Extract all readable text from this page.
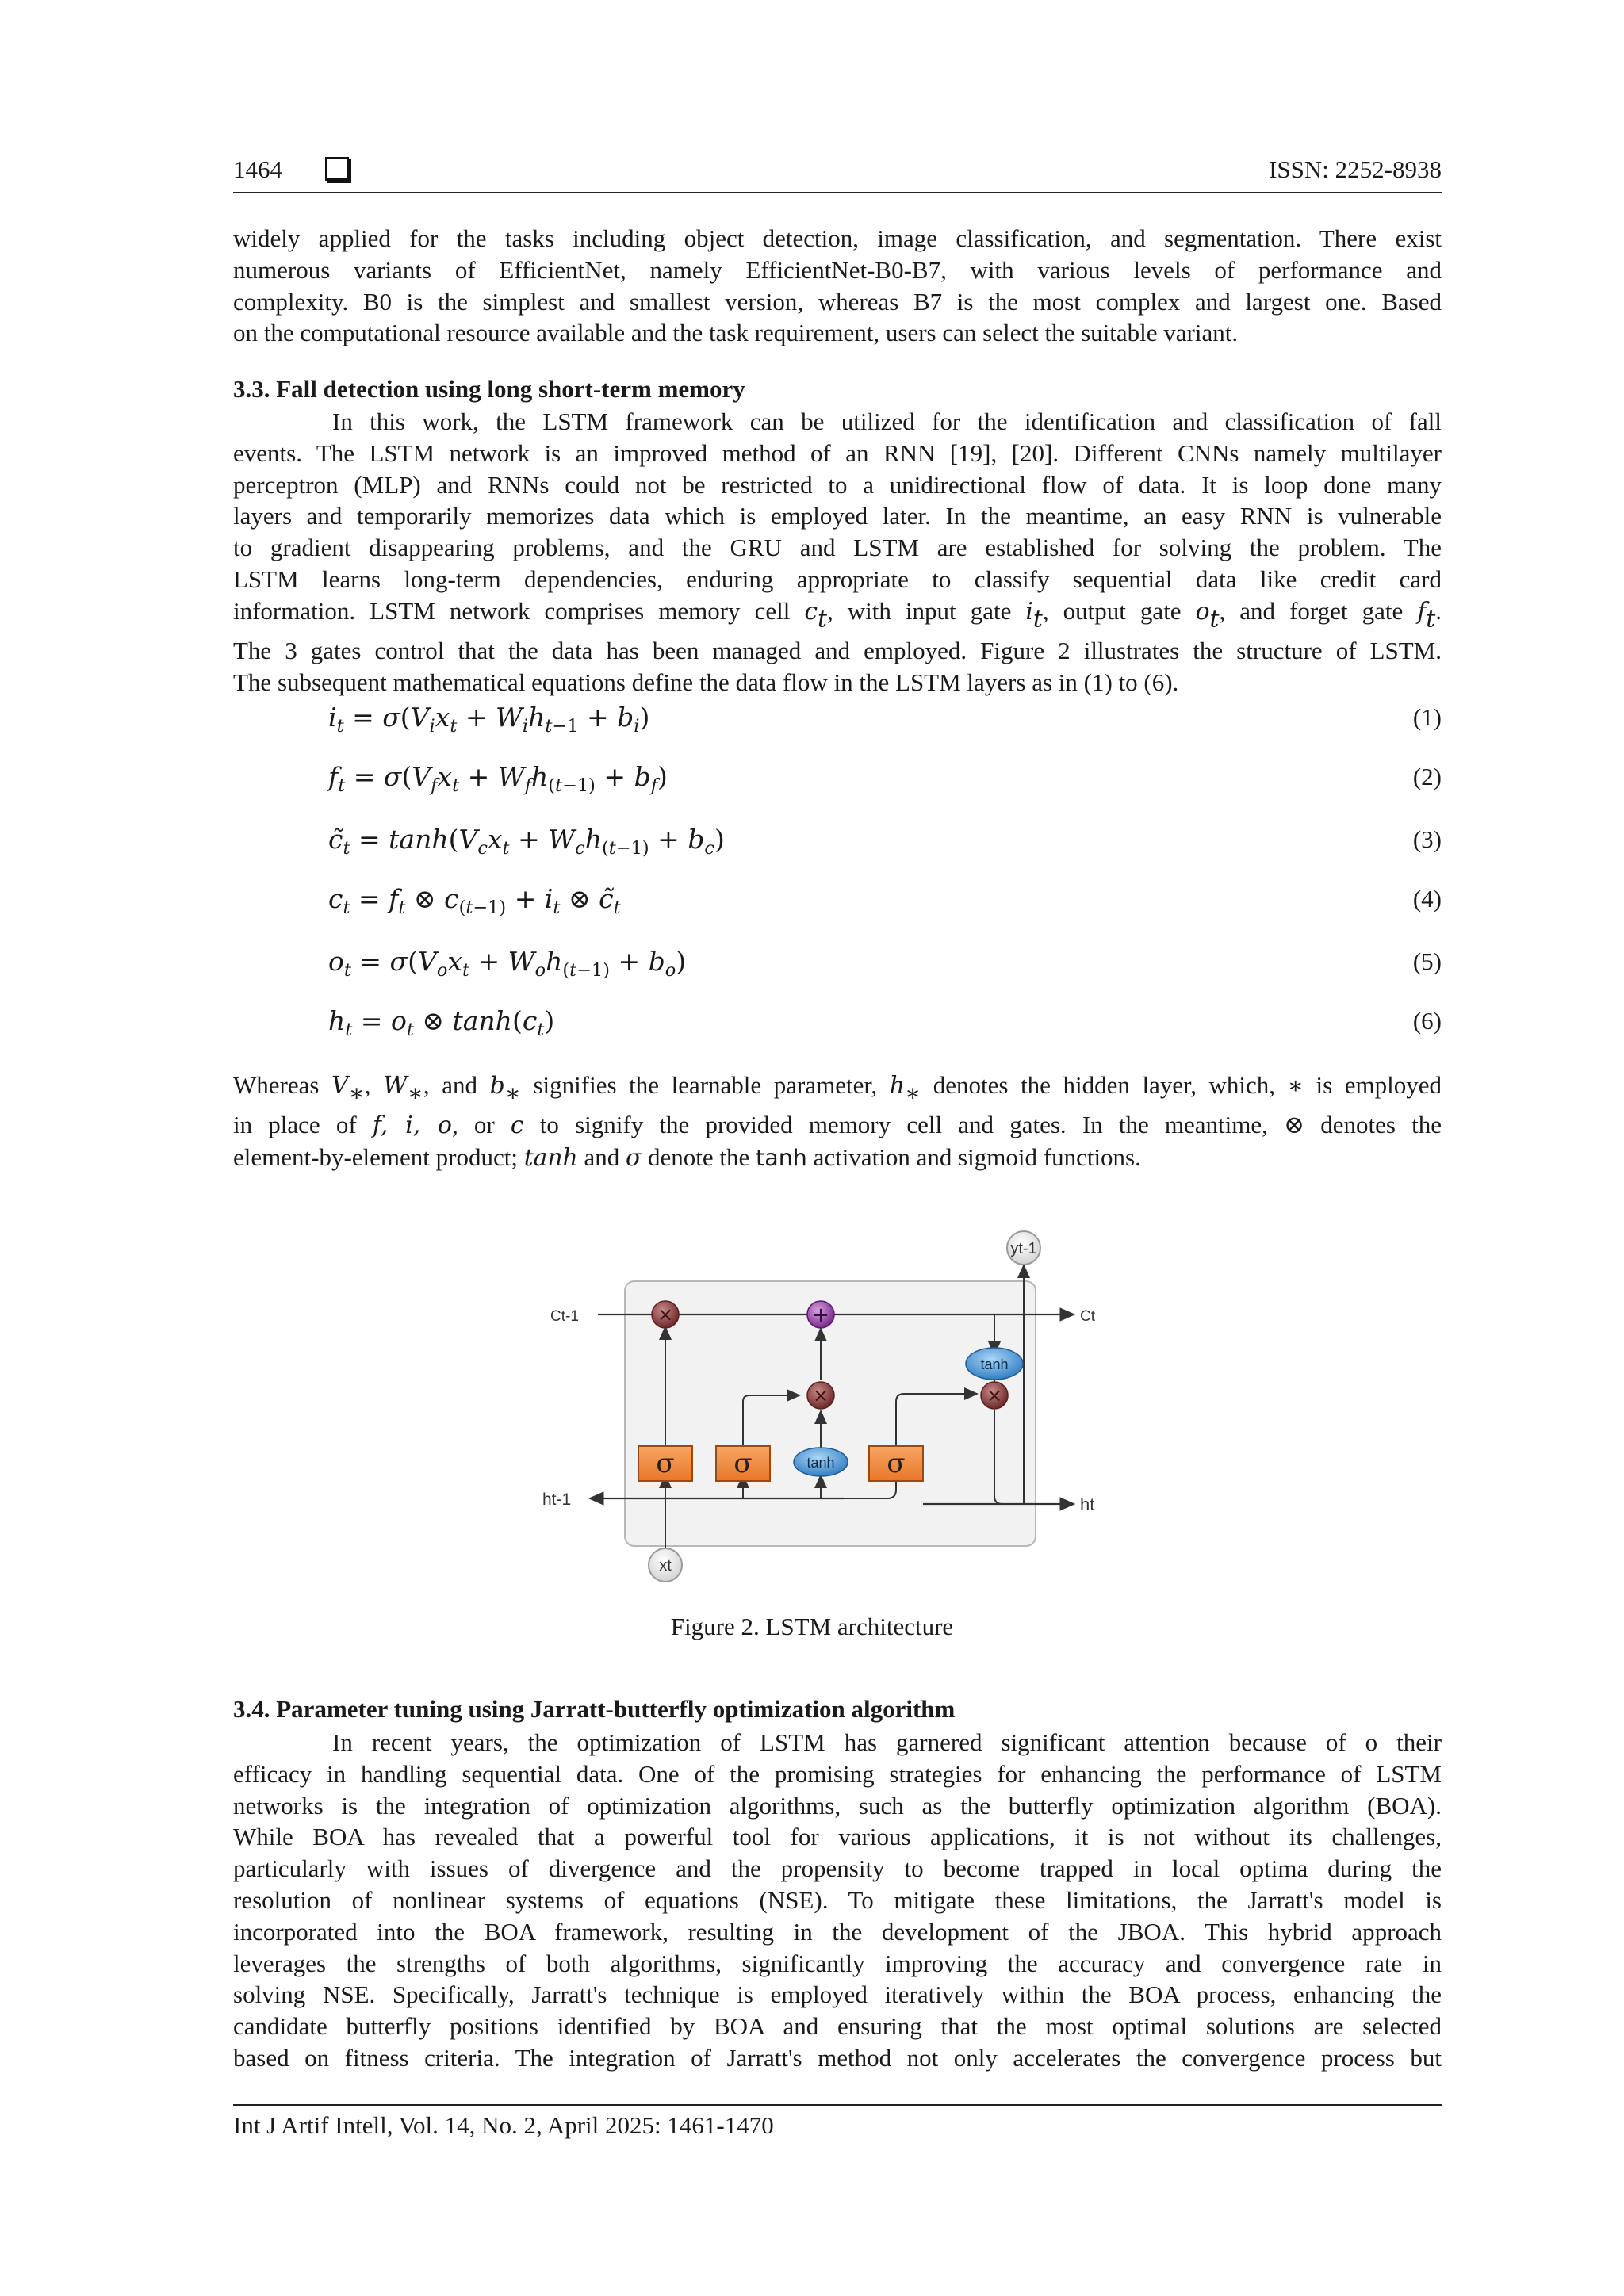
1464	ISSN: 2252-8938
widely applied for the tasks including object detection, image classification, and segmentation. There exist
numerous variants of EfficientNet, namely EfficientNet-B0-B7, with various levels of performance and
complexity. B0 is the simplest and smallest version, whereas B7 is the most complex and largest one. Based
on the computational resource available and the task requirement, users can select the suitable variant.
3.3. Fall detection using long short-term memory
In this work, the LSTM framework can be utilized for the identification and classification of fall
events. The LSTM network is an improved method of an RNN [19], [20]. Different CNNs namely multilayer
perceptron (MLP) and RNNs could not be restricted to a unidirectional flow of data. It is loop done many
layers and temporarily memorizes data which is employed later. In the meantime, an easy RNN is vulnerable
to gradient disappearing problems, and the GRU and LSTM are established for solving the problem. The
LSTM learns long-term dependencies, enduring appropriate to classify sequential data like credit card
information. LSTM network comprises memory cell $c_t$, with input gate $i_t$, output gate $o_t$, and forget gate $f_t$.
The 3 gates control that the data has been managed and employed. Figure 2 illustrates the structure of LSTM.
The subsequent mathematical equations define the data flow in the LSTM layers as in (1) to (6).
$i_t = \sigma(V_ix_t + W_ih_{t-1} + b_i)$	(1)
$f_t = \sigma(V_fx_t + W_fh_{(t-1)} + b_f)$	(2)
$c̃_t = \tanh(V_cx_t + W_ch_{(t-1)} + b_c)$	(3)
$c_t = f_t$ ⊗ $c_{(t-1)} + i_t$ ⊗ $c̃_t$	(4)
$o_t = \sigma(V_ox_t + W_oh_{(t-1)} + b_o)$	(5)
$h_t = o_t$ ⊗ $\tanh(c_t)$	(6)
Whereas $V_∗$, $W_∗$, and $b_∗$ signifies the learnable parameter, $h_∗$ denotes the hidden layer, which, ∗ is employed
in place of f, i, o, or c to signify the provided memory cell and gates. In the meantime, ⊗ denotes the
element-by-element product; tanh and σ denote the tanh activation and sigmoid functions.
yt-1
xt
Ct-1	Ct
ht-1	ht
×	+
×	×
tanh
tanh
σ σ	σ
Figure 2. LSTM architecture
3.4. Parameter tuning using Jarratt-butterfly optimization algorithm
In recent years, the optimization of LSTM has garnered significant attention because of o their
efficacy in handling sequential data. One of the promising strategies for enhancing the performance of LSTM
networks is the integration of optimization algorithms, such as the butterfly optimization algorithm (BOA).
While BOA has revealed that a powerful tool for various applications, it is not without its challenges,
particularly with issues of divergence and the propensity to become trapped in local optima during the
resolution of nonlinear systems of equations (NSE). To mitigate these limitations, the Jarratt's model is
incorporated into the BOA framework, resulting in the development of the JBOA. This hybrid approach
leverages the strengths of both algorithms, significantly improving the accuracy and convergence rate in
solving NSE. Specifically, Jarratt's technique is employed iteratively within the BOA process, enhancing the
candidate butterfly positions identified by BOA and ensuring that the most optimal solutions are selected
based on fitness criteria. The integration of Jarratt's method not only accelerates the convergence process but
Int J Artif Intell, Vol. 14, No. 2, April 2025: 1461-1470
